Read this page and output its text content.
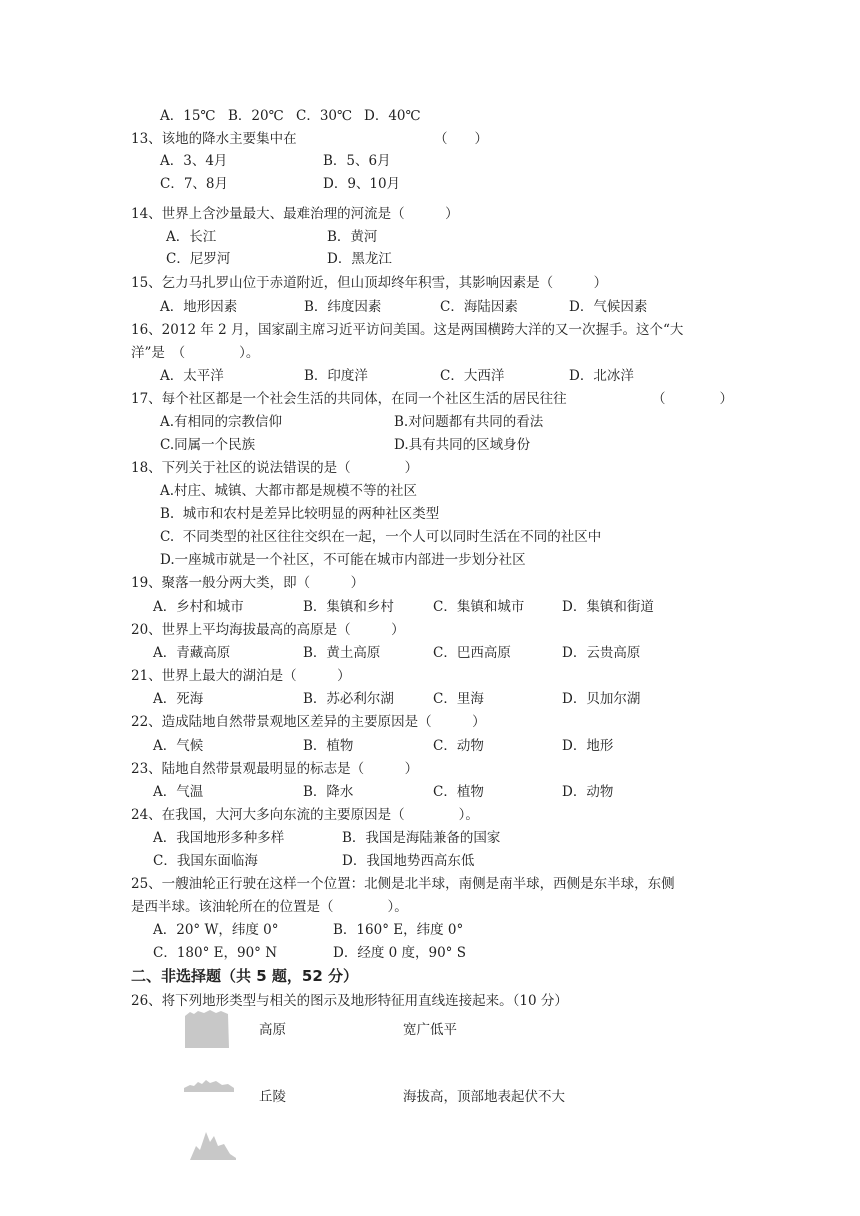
A．15℃ B．20℃ C．30℃ D．40℃
13、该地的降水主要集中在	（　　）
A．3、4月	B．5、6月
C．7、8月	D．9、10月
14、世界上含沙量最大、最难治理的河流是（　　　）
A．长江	B．黄河
C．尼罗河	D．黑龙江
15、乞力马扎罗山位于赤道附近，但山顶却终年积雪，其影响因素是（　　　）
A．地形因素	B．纬度因素	C．海陆因素	D．气候因素
16、2012 年 2 月，国家副主席习近平访问美国。这是两国横跨大洋的又一次握手。这个“大
洋”是　（　　　　）。
A．太平洋	B．印度洋	C．大西洋	D．北冰洋
17、每个社区都是一个社会生活的共同体，在同一个社区生活的居民往往	（　　　　）
A.有相同的宗教信仰	B.对问题都有共同的看法
C.同属一个民族	D.具有共同的区域身份
18、下列关于社区的说法错误的是（　　　　）
A.村庄、城镇、大都市都是规模不等的社区
B.  城市和农村是差异比较明显的两种社区类型
C.  不同类型的社区往往交织在一起，一个人可以同时生活在不同的社区中
D.一座城市就是一个社区，不可能在城市内部进一步划分社区
19、聚落一般分两大类，即（　　　）
A．乡村和城市	B．集镇和乡村	C．集镇和城市	D．集镇和街道
20、世界上平均海拔最高的高原是（　　　）
A．青藏高原	B．黄土高原	C．巴西高原	D．云贵高原
21、世界上最大的湖泊是（　　　）
A．死海	B．苏必利尔湖	C．里海	D．贝加尔湖
22、造成陆地自然带景观地区差异的主要原因是（　　　）
A．气候	B．植物	C．动物	D．地形
23、陆地自然带景观最明显的标志是（　　　）
A．气温	B．降水	C．植物	D．动物
24、在我国，大河大多向东流的主要原因是（　　　　）。
A．我国地形多种多样	B．我国是海陆兼备的国家
C．我国东面临海	D．我国地势西高东低
25、一艘油轮正行驶在这样一个位置：北侧是北半球，南侧是南半球，西侧是东半球，东侧
是西半球。该油轮所在的位置是（　　　　）。
A．20° W，纬度 0°	B．160° E，纬度 0°
C．180° E，90° N	D．经度 0 度，90° S
二、非选择题（共 5 题，52 分）
26、将下列地形类型与相关的图示及地形特征用直线连接起来。（10 分）
高原	宽广低平
丘陵	海拔高，顶部地表起伏不大
